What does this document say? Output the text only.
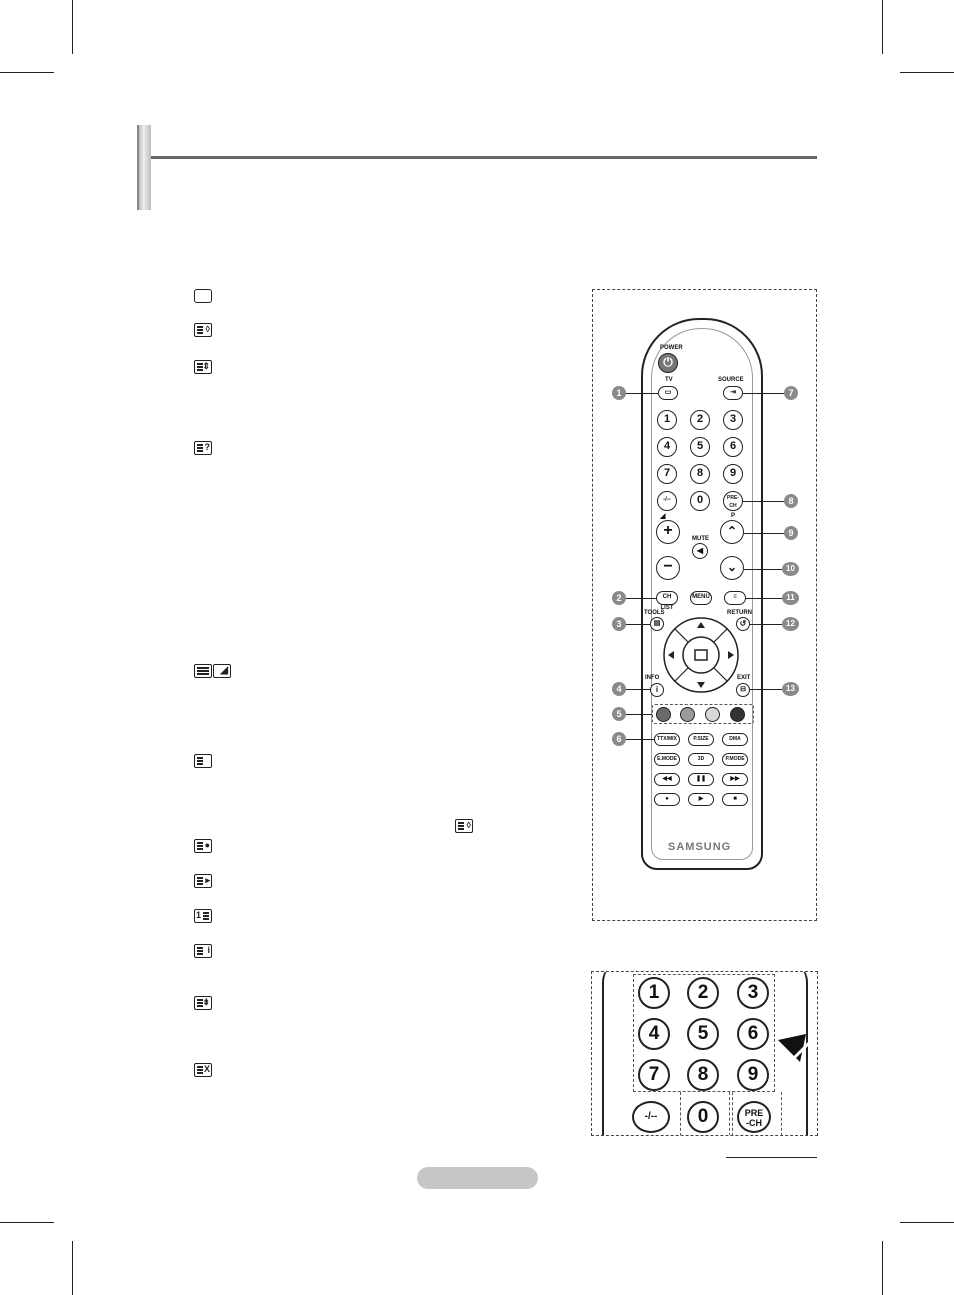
◊
⇕
?
◢
◊
●
▸
1
i
⇟
X
POWER
⏻
TV
▭
SOURCE
⇥
1	2	3
4	5	6
7	8	9
-/--	0	PRE-CH
◢
+
−
P
⌃
⌄
MUTE
◀
CH LIST
MENU	≡
TOOLS
▤
RETURN
↺
INFO
i
EXIT
⊟
TTX/MIX	P.SIZE	DMA
E.MODE	3D	P.MODE
◀◀	❚❚	▶▶
●	▶	■
SAMSUNG
1
2
3
4
5
6
7
8
9
10
11
12
13
1	2	3
4	5	6
7	8	9
-/--	0	PRE
-CH
